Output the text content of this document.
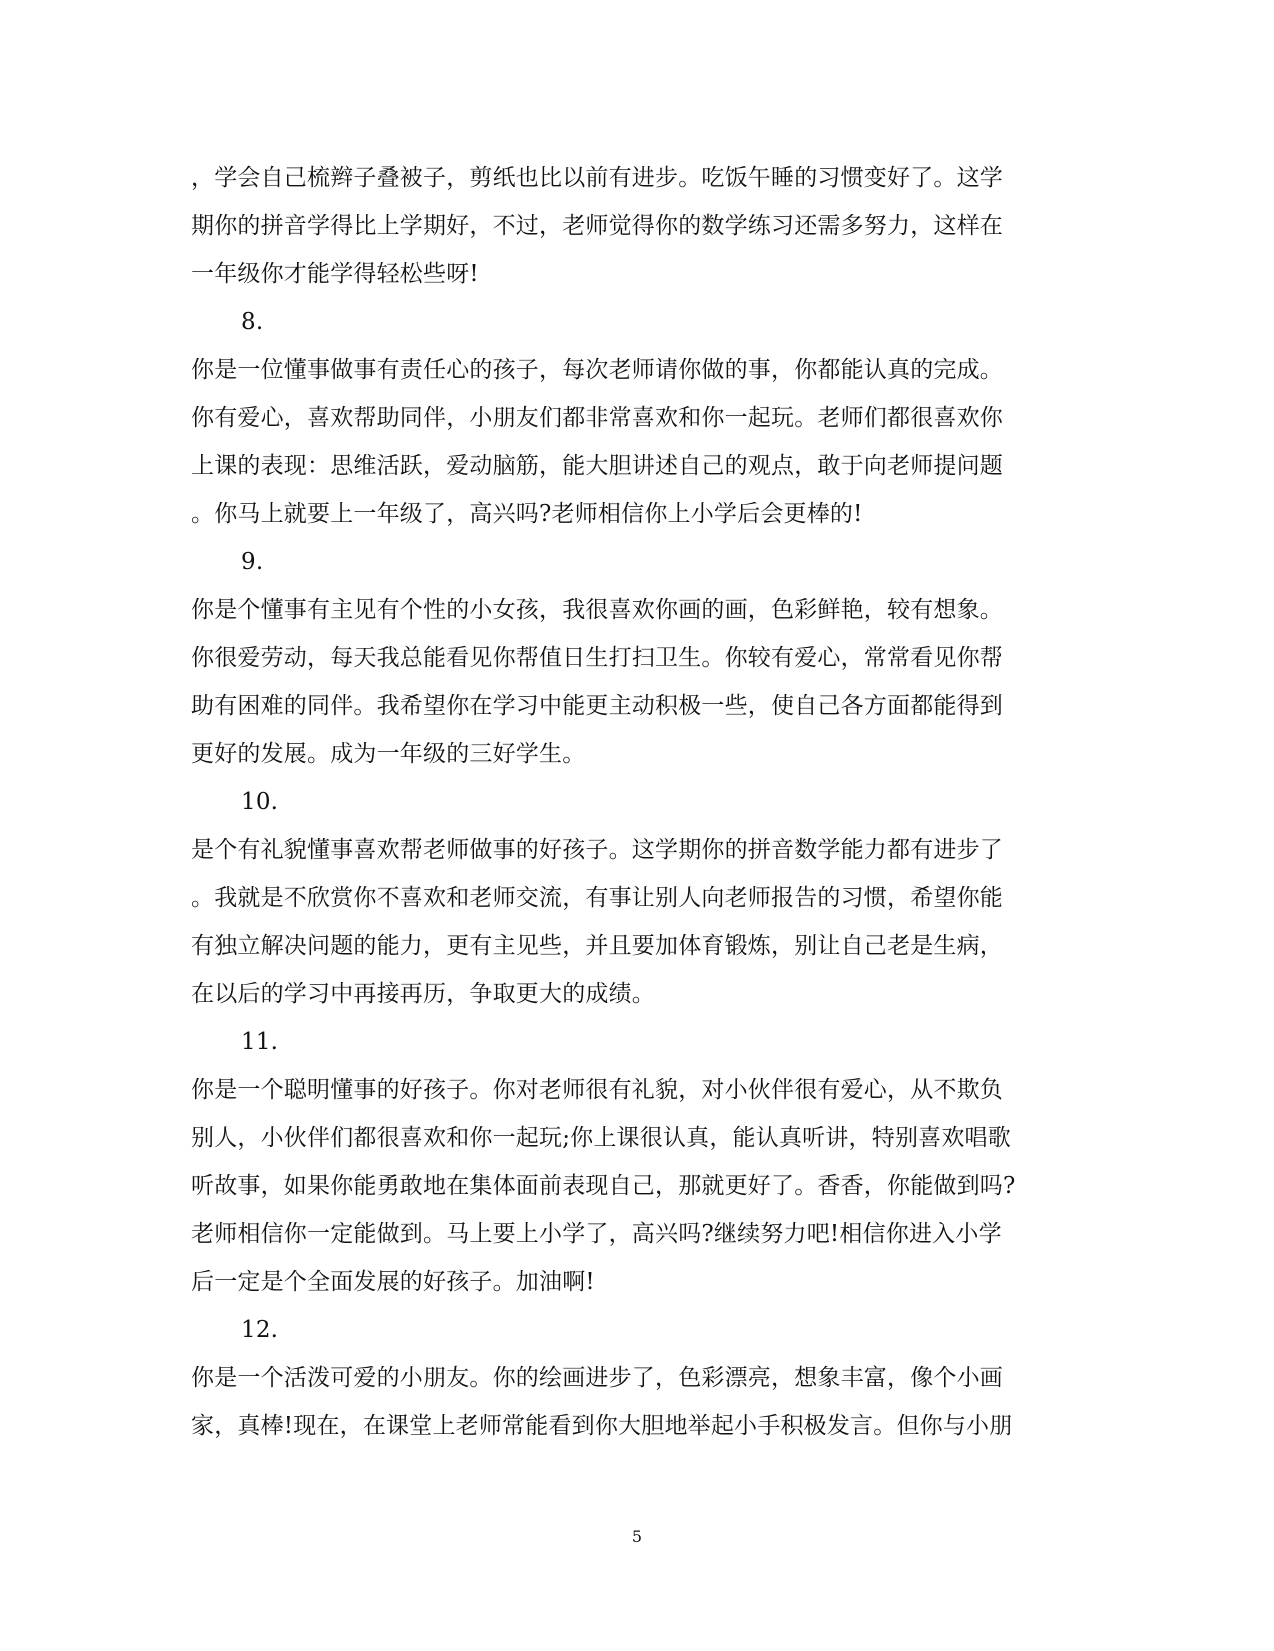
，学会自己梳辫子叠被子，剪纸也比以前有进步。吃饭午睡的习惯变好了。这学
期你的拼音学得比上学期好，不过，老师觉得你的数学练习还需多努力，这样在
一年级你才能学得轻松些呀!
8.
你是一位懂事做事有责任心的孩子，每次老师请你做的事，你都能认真的完成。
你有爱心，喜欢帮助同伴，小朋友们都非常喜欢和你一起玩。老师们都很喜欢你
上课的表现：思维活跃，爱动脑筋，能大胆讲述自己的观点，敢于向老师提问题
。你马上就要上一年级了，高兴吗?老师相信你上小学后会更棒的!
9.
你是个懂事有主见有个性的小女孩，我很喜欢你画的画，色彩鲜艳，较有想象。
你很爱劳动，每天我总能看见你帮值日生打扫卫生。你较有爱心，常常看见你帮
助有困难的同伴。我希望你在学习中能更主动积极一些，使自己各方面都能得到
更好的发展。成为一年级的三好学生。
10.
是个有礼貌懂事喜欢帮老师做事的好孩子。这学期你的拼音数学能力都有进步了
。我就是不欣赏你不喜欢和老师交流，有事让别人向老师报告的习惯，希望你能
有独立解决问题的能力，更有主见些，并且要加体育锻炼，别让自己老是生病，
在以后的学习中再接再历，争取更大的成绩。
11.
你是一个聪明懂事的好孩子。你对老师很有礼貌，对小伙伴很有爱心，从不欺负
别人，小伙伴们都很喜欢和你一起玩;你上课很认真，能认真听讲，特别喜欢唱歌
听故事，如果你能勇敢地在集体面前表现自己，那就更好了。香香，你能做到吗?
老师相信你一定能做到。马上要上小学了，高兴吗?继续努力吧!相信你进入小学
后一定是个全面发展的好孩子。加油啊!
12.
你是一个活泼可爱的小朋友。你的绘画进步了，色彩漂亮，想象丰富，像个小画
家，真棒!现在，在课堂上老师常能看到你大胆地举起小手积极发言。但你与小朋
5
